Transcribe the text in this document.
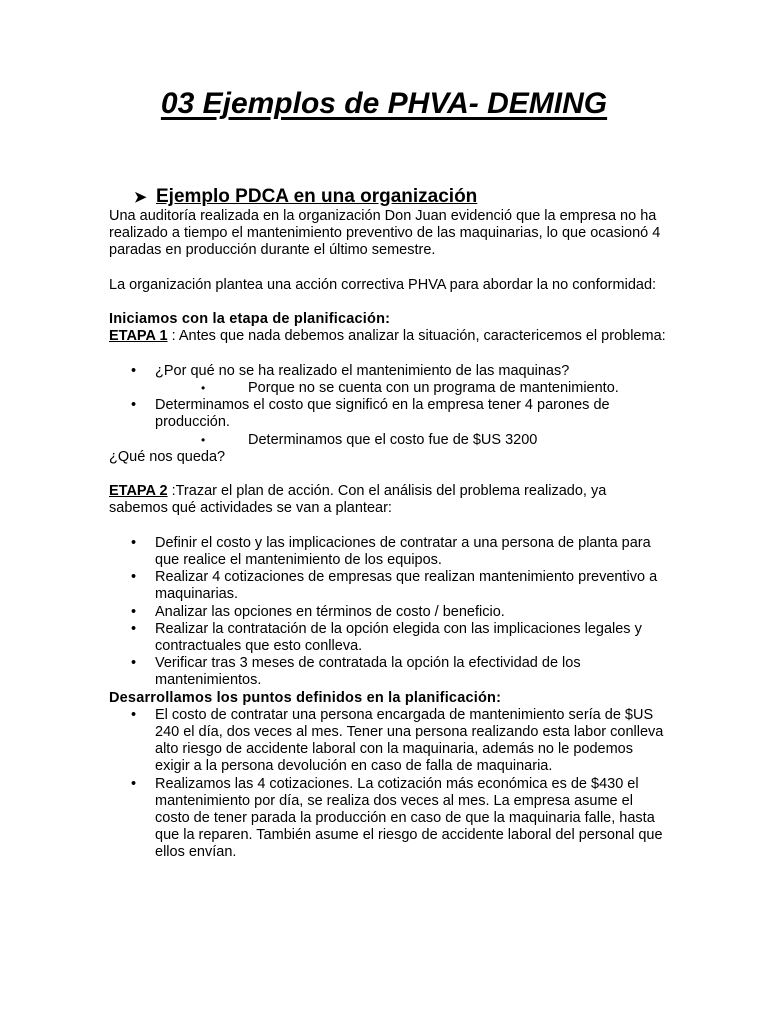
03 Ejemplos de PHVA- DEMING
➤ Ejemplo PDCA en una organización

Una auditoría realizada en la organización Don Juan evidenció que la empresa no ha realizado a tiempo el mantenimiento preventivo de las maquinarias, lo que ocasionó 4 paradas en producción durante el último semestre.

La organización plantea una acción correctiva PHVA para abordar la no conformidad:

Iniciamos con la etapa de planificación:

ETAPA 1 : Antes que nada debemos analizar la situación, caractericemos el problema:

• ¿Por qué no se ha realizado el mantenimiento de las maquinas?
• Porque no se cuenta con un programa de mantenimiento.
• Determinamos el costo que significó en la empresa tener 4 parones de producción.
• Determinamos que el costo fue de $US 3200

¿Qué nos queda?

ETAPA 2 :Trazar el plan de acción. Con el análisis del problema realizado, ya sabemos qué actividades se van a plantear:

• Definir el costo y las implicaciones de contratar a una persona de planta para que realice el mantenimiento de los equipos.
• Realizar 4 cotizaciones de empresas que realizan mantenimiento preventivo a maquinarias.
• Analizar las opciones en términos de costo / beneficio.
• Realizar la contratación de la opción elegida con las implicaciones legales y contractuales que esto conlleva.
• Verificar tras 3 meses de contratada la opción la efectividad de los mantenimientos.

Desarrollamos los puntos definidos en la planificación:

• El costo de contratar una persona encargada de mantenimiento sería de $US 240 el día, dos veces al mes. Tener una persona realizando esta labor conlleva alto riesgo de accidente laboral con la maquinaria, además no le podemos exigir a la persona devolución en caso de falla de maquinaria.
• Realizamos las 4 cotizaciones. La cotización más económica es de $430 el mantenimiento por día, se realiza dos veces al mes. La empresa asume el costo de tener parada la producción en caso de que la maquinaria falle, hasta que la reparen. También asume el riesgo de accidente laboral del personal que ellos envían.
